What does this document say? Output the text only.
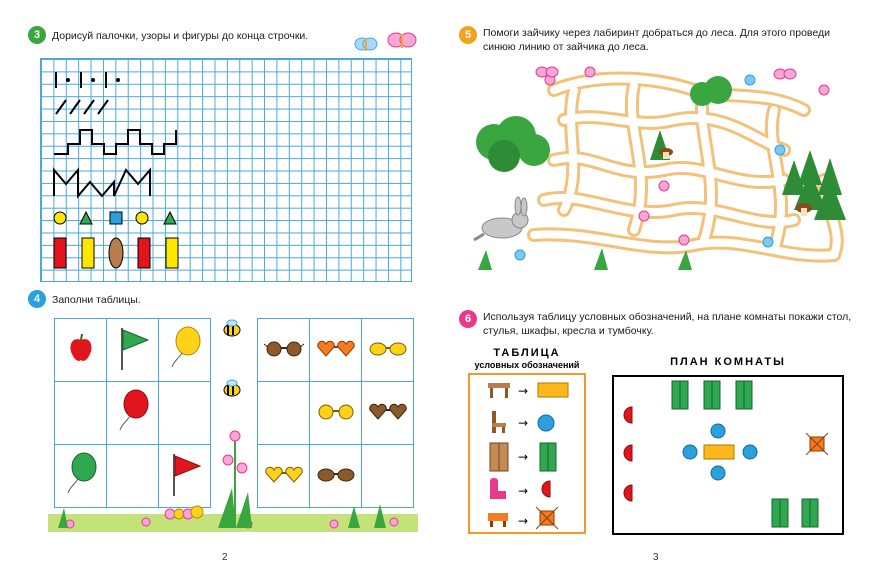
3 Дорисуй палочки, узоры и фигуры до конца строчки.
4 Заполни таблицы.

2
5 Помоги зайчику через лабиринт добраться до леса. Для этого проведи
синюю линию от зайчика до леса.
6 Используя таблицу условных обозначений, на плане комнаты покажи стол,
стулья, шкафы, кресла и тумбочку.
ТАБЛИЦА
условных обозначений
→
→
→
→
→
ПЛАН КОМНАТЫ
3
